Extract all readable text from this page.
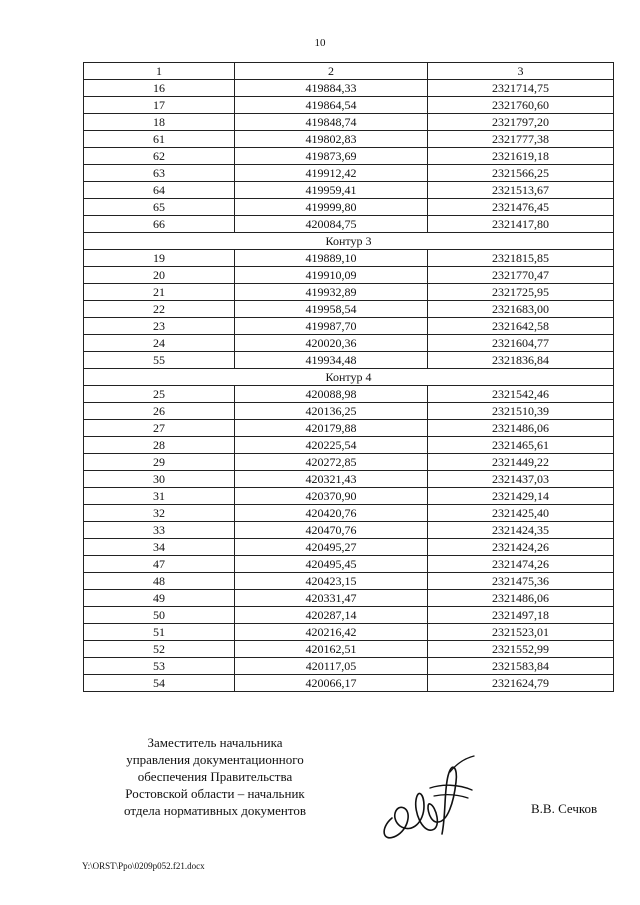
10
1	2	3
16	419884,33	2321714,75
17	419864,54	2321760,60
18	419848,74	2321797,20
61	419802,83	2321777,38
62	419873,69	2321619,18
63	419912,42	2321566,25
64	419959,41	2321513,67
65	419999,80	2321476,45
66	420084,75	2321417,80
Контур 3		
19	419889,10	2321815,85
20	419910,09	2321770,47
21	419932,89	2321725,95
22	419958,54	2321683,00
23	419987,70	2321642,58
24	420020,36	2321604,77
55	419934,48	2321836,84
Контур 4		
25	420088,98	2321542,46
26	420136,25	2321510,39
27	420179,88	2321486,06
28	420225,54	2321465,61
29	420272,85	2321449,22
30	420321,43	2321437,03
31	420370,90	2321429,14
32	420420,76	2321425,40
33	420470,76	2321424,35
34	420495,27	2321424,26
47	420495,45	2321474,26
48	420423,15	2321475,36
49	420331,47	2321486,06
50	420287,14	2321497,18
51	420216,42	2321523,01
52	420162,51	2321552,99
53	420117,05	2321583,84
54	420066,17	2321624,79
Заместитель начальника
управления документационного
обеспечения Правительства
Ростовской области – начальник
отдела нормативных документов	В.В. Сечков
Y:\ORST\Ppo\0209p052.f21.docx
